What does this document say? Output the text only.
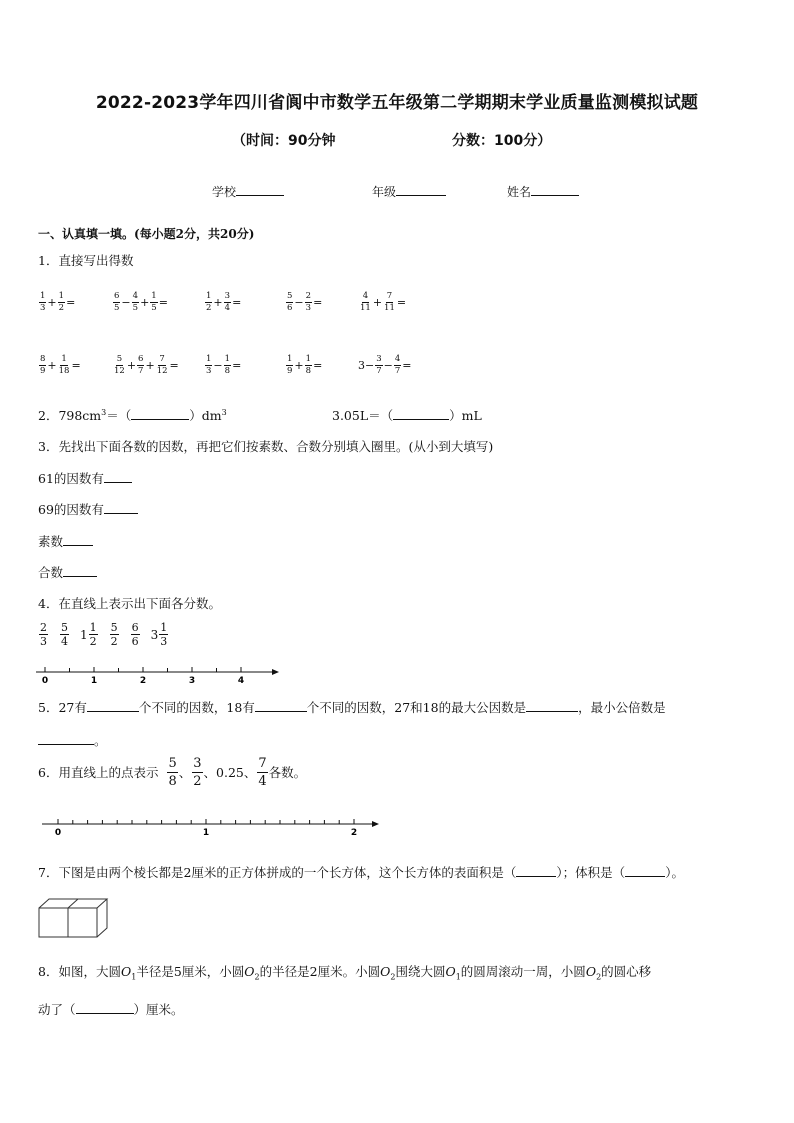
2022-2023学年四川省阆中市数学五年级第二学期期末学业质量监测模拟试题
（时间：90分钟	分数：100分）
学校	年级	姓名
一、认真填一填。(每小题2分，共20分)
1．直接写出得数
$\frac{1}{3} + \frac{1}{2}$ =	$\frac{6}{5} - \frac{4}{5} + \frac{1}{5}$ =	$\frac{1}{2} + \frac{3}{4}$ =	$\frac{5}{6} - \frac{2}{3}$ =	$\frac{4}{11} + \frac{7}{11}$ =
$\frac{8}{9} + \frac{1}{18}$ =	$\frac{5}{12} + \frac{6}{7} + \frac{7}{12}$ =	$\frac{1}{3} - \frac{1}{8}$ =	$\frac{1}{9} + \frac{1}{8}$ =	$3- \frac{3}{7} - \frac{4}{7}$ =
2．$798cm^3=$（	）$dm^3$	3.05L＝（	）mL
3．先找出下面各数的因数，再把它们按素数、合数分别填入圈里。(从小到大填写)
61的因数有
69的因数有
素数
合数
4．在直线上表示出下面各分数。
$\frac{2}{3} \frac{5}{4} 1 \frac{1}{2} \frac{5}{2} \frac{6}{6} 3 \frac{1}{3}$
0	1	2	3	4
5．27有	个不同的因数，18有	个不同的因数，27和18的最大公因数是	，最小公倍数是
。
6．用直线上的点表示 $\frac{5}{8}$ 、 $\frac{3}{2}$ 、0.25、 $\frac{7}{4}$ 各数。
0	1	2
7．下图是由两个棱长都是2厘米的正方体拼成的一个长方体，这个长方体的表面积是（	）；体积是（	）。
8．如图，大圆$O_1$半径是5厘米，小圆$O_2$的半径是2厘米。小圆$O_2$围绕大圆$O_1$的圆周滚动一周，小圆$O_2$的圆心移
动了（	）厘米。
